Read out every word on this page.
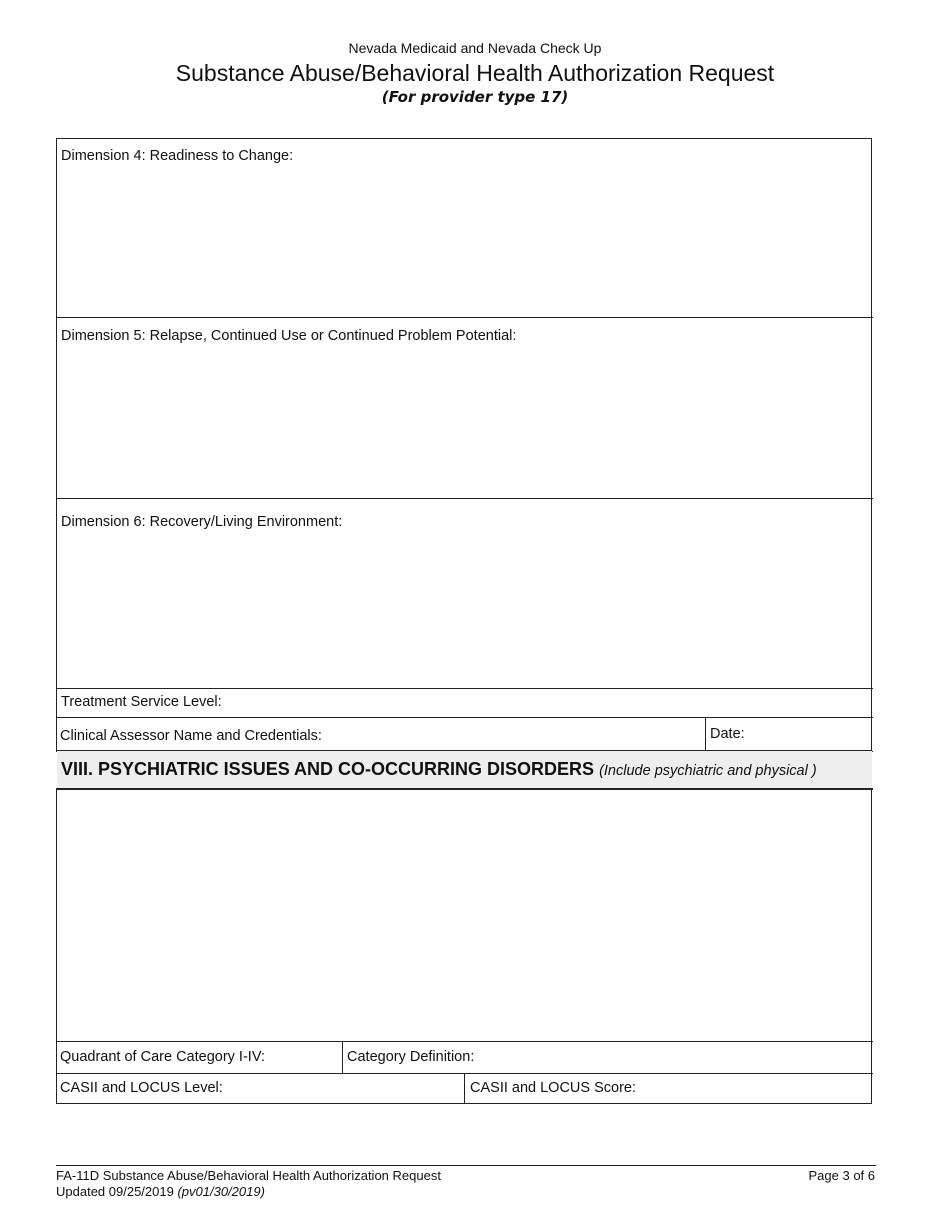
Nevada Medicaid and Nevada Check Up
Substance Abuse/Behavioral Health Authorization Request
(For provider type 17)
Dimension 4: Readiness to Change:
Dimension 5: Relapse, Continued Use or Continued Problem Potential:
Dimension 6: Recovery/Living Environment:
Treatment Service Level:
Clinical Assessor Name and Credentials:	Date:
VIII. PSYCHIATRIC ISSUES AND CO-OCCURRING DISORDERS (Include psychiatric and physical )
Quadrant of Care Category I-IV:	Category Definition:
CASII and LOCUS Level:	CASII and LOCUS Score:
FA-11D Substance Abuse/Behavioral Health Authorization Request
Updated 09/25/2019 (pv01/30/2019)
Page 3 of 6
